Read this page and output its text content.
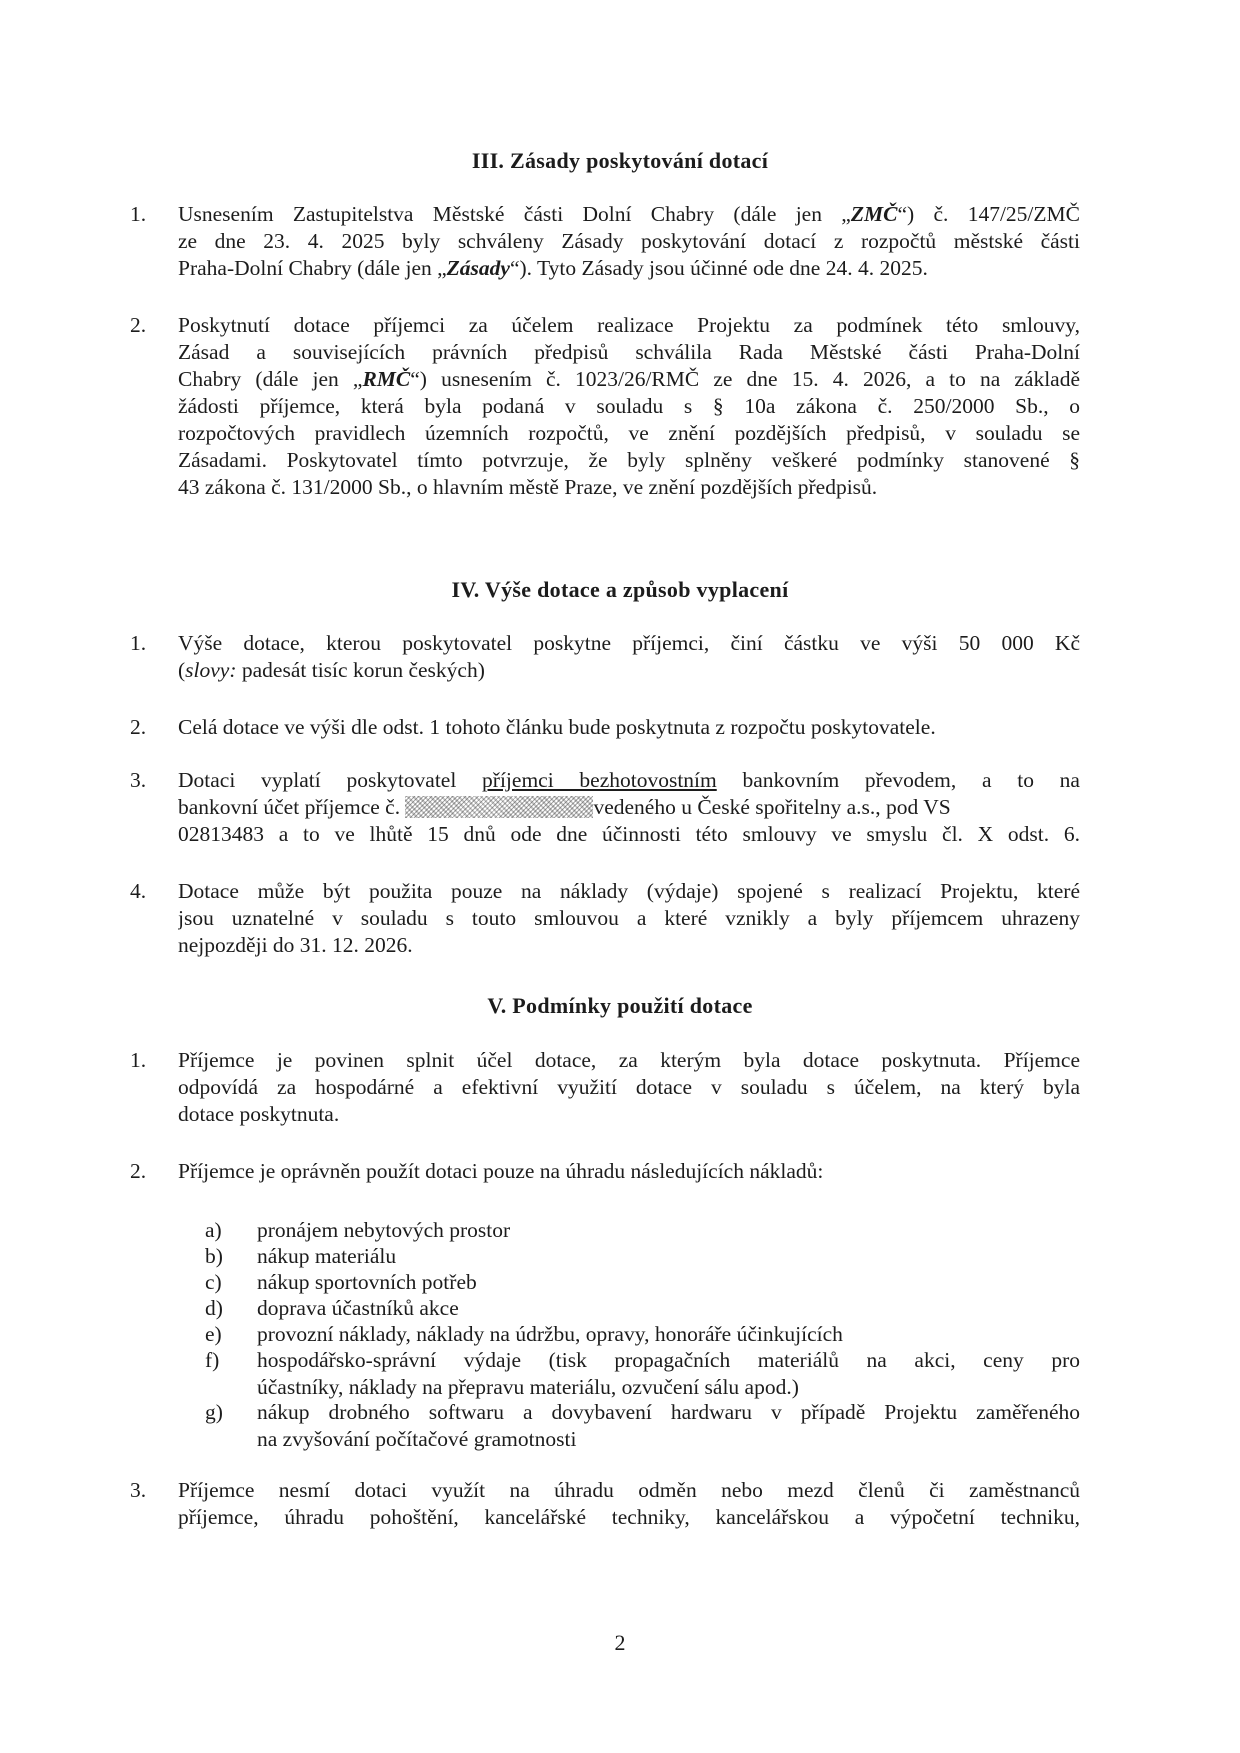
III. Zásady poskytování dotací
1. Usnesením Zastupitelstva Městské části Dolní Chabry (dále jen „ZMČ“) č. 147/25/ZMČ
ze dne 23. 4. 2025 byly schváleny Zásady poskytování dotací z rozpočtů městské části
Praha-Dolní Chabry (dále jen „Zásady“). Tyto Zásady jsou účinné ode dne 24. 4. 2025.
2. Poskytnutí dotace příjemci za účelem realizace Projektu za podmínek této smlouvy,
Zásad a souvisejících právních předpisů schválila Rada Městské části Praha-Dolní
Chabry (dále jen „RMČ“) usnesením č. 1023/26/RMČ ze dne 15. 4. 2026, a to na základě
žádosti příjemce, která byla podaná v souladu s § 10a zákona č. 250/2000 Sb., o
rozpočtových pravidlech územních rozpočtů, ve znění pozdějších předpisů, v souladu se
Zásadami. Poskytovatel tímto potvrzuje, že byly splněny veškeré podmínky stanovené §
43 zákona č. 131/2000 Sb., o hlavním městě Praze, ve znění pozdějších předpisů.
IV. Výše dotace a způsob vyplacení
1. Výše dotace, kterou poskytovatel poskytne příjemci, činí částku ve výši 50 000 Kč
(slovy: padesát tisíc korun českých)
2. Celá dotace ve výši dle odst. 1 tohoto článku bude poskytnuta z rozpočtu poskytovatele.
3. Dotaci vyplatí poskytovatel příjemci bezhotovostním bankovním převodem, a to na
bankovní účet příjemce č.	vedeného u České spořitelny a.s., pod VS
02813483 a to ve lhůtě 15 dnů ode dne účinnosti této smlouvy ve smyslu čl. X odst. 6.
4. Dotace může být použita pouze na náklady (výdaje) spojené s realizací Projektu, které
jsou uznatelné v souladu s touto smlouvou a které vznikly a byly příjemcem uhrazeny
nejpozději do 31. 12. 2026.
V. Podmínky použití dotace
1. Příjemce je povinen splnit účel dotace, za kterým byla dotace poskytnuta. Příjemce
odpovídá za hospodárné a efektivní využití dotace v souladu s účelem, na který byla
dotace poskytnuta.
2. Příjemce je oprávněn použít dotaci pouze na úhradu následujících nákladů:
a) pronájem nebytových prostor
b) nákup materiálu
c) nákup sportovních potřeb
d) doprava účastníků akce
e) provozní náklady, náklady na údržbu, opravy, honoráře účinkujících
f) hospodářsko-správní výdaje (tisk propagačních materiálů na akci, ceny pro
účastníky, náklady na přepravu materiálu, ozvučení sálu apod.)
g) nákup drobného softwaru a dovybavení hardwaru v případě Projektu zaměřeného
na zvyšování počítačové gramotnosti
3. Příjemce nesmí dotaci využít na úhradu odměn nebo mezd členů či zaměstnanců
příjemce, úhradu pohoštění, kancelářské techniky, kancelářskou a výpočetní techniku,
2
